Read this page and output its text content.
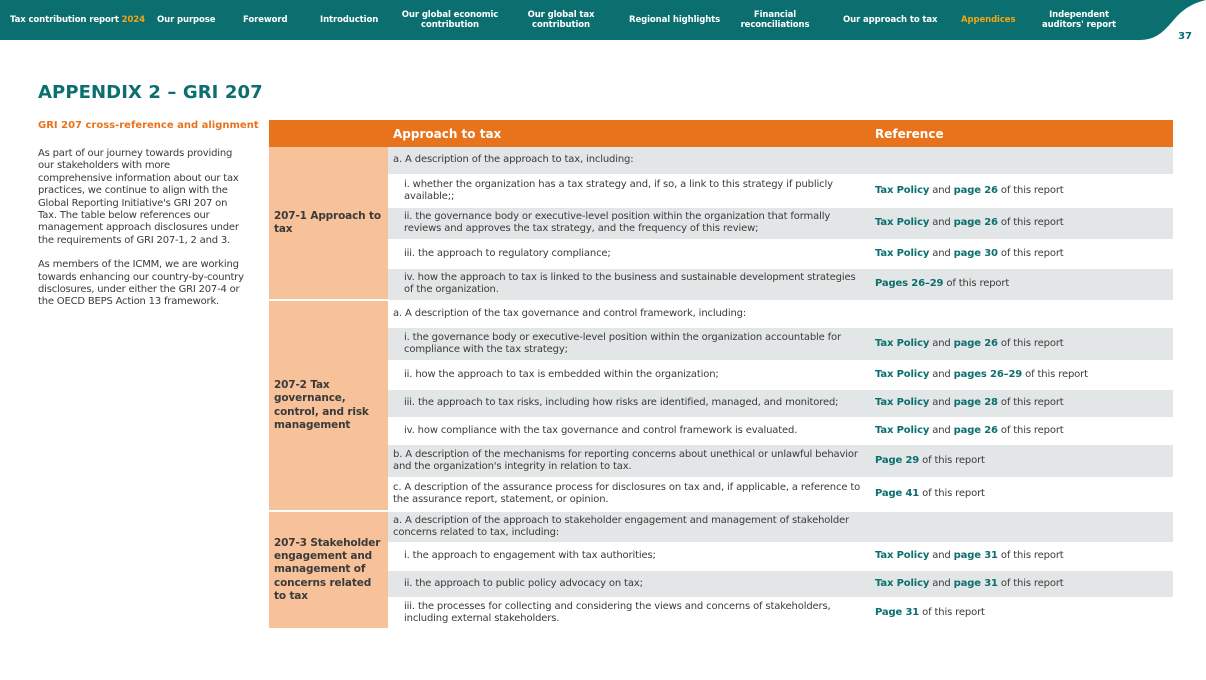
Tax contribution report
2024 Our purpose	Foreword	Introduction	Our global economic contribution
Our global tax contribution	Regional highlights	Financial reconciliations	Our approach to tax	Appendices	Independent auditors' report
37
APPENDIX 2 – GRI 207
GRI 207 cross-reference and alignment

As part of our journey towards providing our stakeholders with more comprehensive information about our tax practices, we continue to align with the Global Reporting Initiative's GRI 207 on Tax. The table below references our management approach disclosures under the requirements of GRI 207-1, 2 and 3.

As members of the ICMM, we are working towards enhancing our country-by-country disclosures, under either the GRI 207-4 or the OECD BEPS Action 13 framework.

	Approach to tax	Reference
207-1 Approach to tax	a. A description of the approach to tax, including:	
	i. whether the organization has a tax strategy and, if so, a link to this strategy if publicly available;;	Tax Policy and page 26 of this report
	ii. the governance body or executive-level position within the organization that formally reviews and approves the tax strategy, and the frequency of this review;	Tax Policy and page 26 of this report
	iii. the approach to regulatory compliance;	Tax Policy and page 30 of this report
	iv. how the approach to tax is linked to the business and sustainable development strategies of the organization.	Pages 26–29 of this report
207-2 Tax governance, control, and risk management	a. A description of the tax governance and control framework, including:	
	i. the governance body or executive-level position within the organization accountable for compliance with the tax strategy;	Tax Policy and page 26 of this report
	ii. how the approach to tax is embedded within the organization;	Tax Policy and pages 26–29 of this report
	iii. the approach to tax risks, including how risks are identified, managed, and monitored;	Tax Policy and page 28 of this report
	iv. how compliance with the tax governance and control framework is evaluated.	Tax Policy and page 26 of this report
	b. A description of the mechanisms for reporting concerns about unethical or unlawful behavior and the organization's integrity in relation to tax.	Page 29 of this report
	c. A description of the assurance process for disclosures on tax and, if applicable, a reference to the assurance report, statement, or opinion.	Page 41 of this report
207-3 Stakeholder engagement and management of concerns related to tax	a. A description of the approach to stakeholder engagement and management of stakeholder concerns related to tax, including:	
	i. the approach to engagement with tax authorities;	Tax Policy and page 31 of this report
	ii. the approach to public policy advocacy on tax;	Tax Policy and page 31 of this report
	iii. the processes for collecting and considering the views and concerns of stakeholders, including external stakeholders.	Page 31 of this report
